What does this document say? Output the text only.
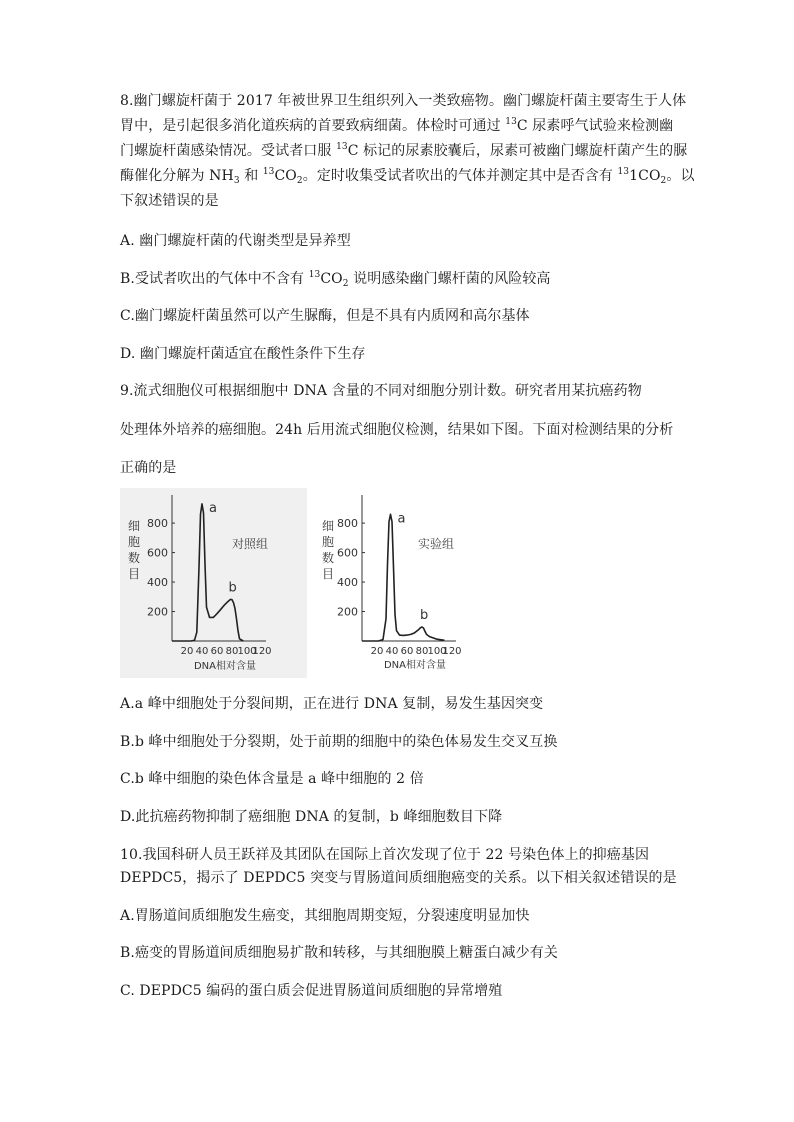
8.幽门螺旋杆菌于 2017 年被世界卫生组织列入一类致癌物。幽门螺旋杆菌主要寄生于人体
胃中，是引起很多消化道疾病的首要致病细菌。体检时可通过 $^{13}$C 尿素呼气试验来检测幽
门螺旋杆菌感染情况。受试者口服 $^{13}$C 标记的尿素胶囊后，尿素可被幽门螺旋杆菌产生的脲
酶催化分解为 $NH_3$ 和 $^{13}CO_2$。定时收集受试者吹出的气体并测定其中是否含有 $^{13}1CO_2$。以
下叙述错误的是
A. 幽门螺旋杆菌的代谢类型是异养型
B.受试者吹出的气体中不含有 $^{13}CO_2$ 说明感染幽门螺杆菌的风险较高
C.幽门螺旋杆菌虽然可以产生脲酶，但是不具有内质网和高尔基体
D. 幽门螺旋杆菌适宜在酸性条件下生存
9.流式细胞仪可根据细胞中 DNA 含量的不同对细胞分别计数。研究者用某抗癌药物
处理体外培养的癌细胞。24h 后用流式细胞仪检测，结果如下图。下面对检测结果的分析
正确的是
200
400
600
800
20 40 60 80 100
120
DNA相对含量
细
胞
数
目
对照组
a
b
200
400
600
800
20 40 60 80 100
120
DNA相对含量
细
胞
数
目
实验组
a
b
A.a 峰中细胞处于分裂间期，正在进行 DNA 复制，易发生基因突变
B.b 峰中细胞处于分裂期，处于前期的细胞中的染色体易发生交叉互换
C.b 峰中细胞的染色体含量是 a 峰中细胞的 2 倍
D.此抗癌药物抑制了癌细胞 DNA 的复制，b 峰细胞数目下降
10.我国科研人员王跃祥及其团队在国际上首次发现了位于 22 号染色体上的抑癌基因
DEPDC5，揭示了 DEPDC5 突变与胃肠道间质细胞癌变的关系。以下相关叙述错误的是
A.胃肠道间质细胞发生癌变，其细胞周期变短，分裂速度明显加快
B.癌变的胃肠道间质细胞易扩散和转移，与其细胞膜上糖蛋白减少有关
C. DEPDC5 编码的蛋白质会促进胃肠道间质细胞的异常增殖
